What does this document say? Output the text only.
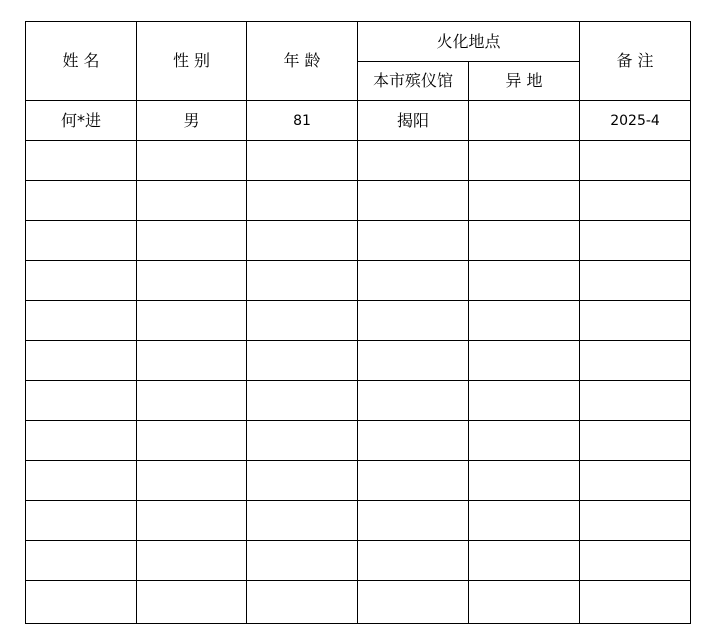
姓 名	性 别	年 龄	火化地点		备 注
			本市殡仪馆	异 地	
何*进	男	81	揭阳		2025-4
